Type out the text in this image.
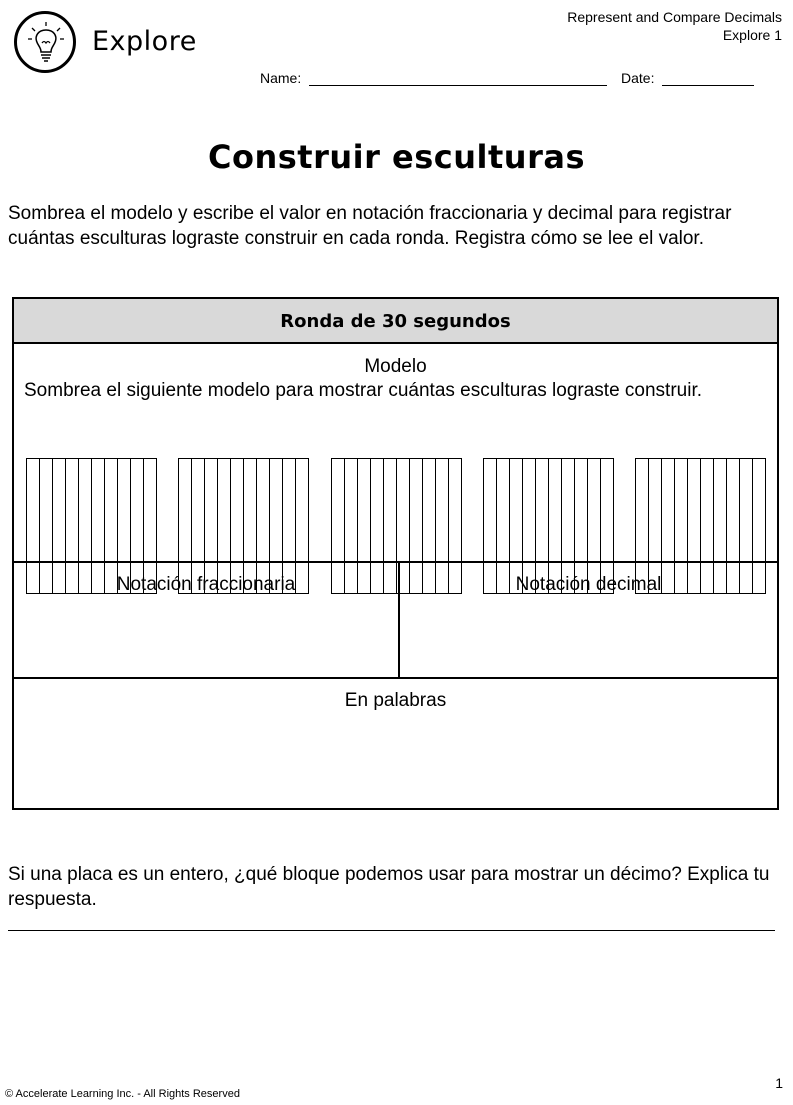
Explore
Represent and Compare Decimals
Explore 1
Name:	Date:
Construir esculturas
Sombrea el modelo y escribe el valor en notación fraccionaria y decimal para registrar cuántas esculturas lograste construir en cada ronda. Registra cómo se lee el valor.
Ronda de 30 segundos
Modelo
Sombrea el siguiente modelo para mostrar cuántas esculturas lograste construir.
Notación fraccionaria	Notación decimal
En palabras
Si una placa es un entero, ¿qué bloque podemos usar para mostrar un décimo? Explica tu respuesta.
© Accelerate Learning Inc. - All Rights Reserved
1
